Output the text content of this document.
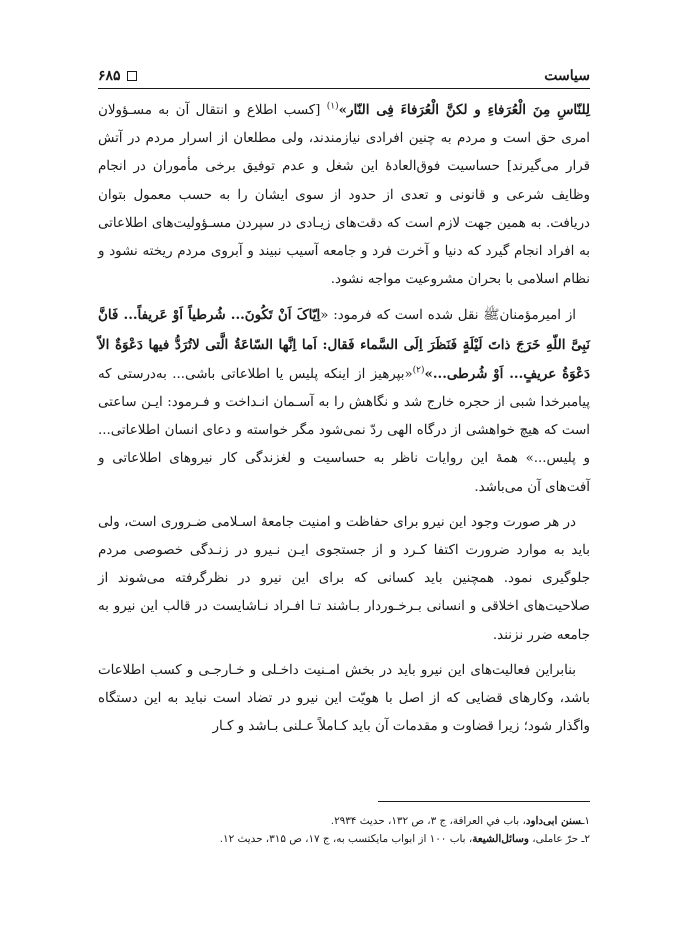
سیاست
۶۸۵

لِلنّاسِ مِنَ الْعُرَفاءِ و لکنَّ الْعُرَفاءَ فِی النّار»$^{(۱)}$ [کسب اطلاع و انتقال آن به مسـؤولان امری حق است و مردم به چنین افرادی نیازمندند، ولی مطلعان از اسرار مردم در آتش قرار می‌گیرند] حساسیت فوق‌العادهٔ این شغل و عدم توفیق برخی مأموران در انجام وظایف شرعی و قانونی و تعدی از حدود از سوی ایشان را به حسب معمول بتوان دریافت. به همین جهت لازم است که دقت‌های زیـادی در سپردن مسـؤولیت‌های اطلاعاتی به افراد انجام گیرد که دنیا و آخرت فرد و جامعه آسیب نبیند و آبروی مردم ریخته نشود و نظام اسلامی با بحران مشروعیت مواجه نشود.

از امیرمؤمنانﷺ نقل شده است که فرمود: «اِیّاکَ اَنْ تَکُونَ... شُرطیاً اَوْ عَریفاً... فَانَّ نَبِیَّ اللّهِ خَرَجَ ذاتَ لَیْلَةٍ فَنَظَرَ اِلَی السَّماء فَقال: اَما اِنَّها السّاعَةُ الَّتی لاتُرَدُّ فیها دَعْوَةٌ الاّ دَعْوَةُ عریفٍ... اَوْ شُرطی...»$^{(۲)}$«بپرهیز از اینکه پلیس یا اطلاعاتی باشی... به‌درستی که پیامبرخدا شبی از حجره خارج شد و نگاهش را به آسـمان انـداخت و فـرمود: ایـن ساعتی است که هیچ خواهشی از درگاه الهی ردّ نمی‌شود مگر خواسته و دعای انسان اطلاعاتی... و پلیس...» همهٔ این روایات ناظر به حساسیت و لغزندگی کار نیروهای اطلاعاتی و آفت‌های آن می‌باشد.

در هر صورت وجود این نیرو برای حفاظت و امنیت جامعهٔ اسـلامی ضـروری است، ولی باید به موارد ضرورت اکتفا کـرد و از جستجوی ایـن نـیرو در زنـدگی خصوصی مردم جلوگیری نمود. همچنین باید کسانی که برای این نیرو در نظرگرفته می‌شوند از صلاحیت‌های اخلاقی و انسانی بـرخـوردار بـاشند تـا افـراد نـاشایست در قالب این نیرو به جامعه ضرر نزنند.

بنابراین فعالیت‌های این نیرو باید در بخش امـنیت داخـلی و خـارجـی و کسب اطلاعات باشد، وکارهای قضایی که از اصل با هویّت این نیرو در تضاد است نباید به این دستگاه واگذار شود؛ زیرا قضاوت و مقدمات آن باید کـاملاً عـلنی بـاشد و کـار

۱ـسنن ابی‌داود، باب في العرافة، ج ۳، ص ۱۳۲، حدیث ۲۹۳۴.
۲ـ حرّ عاملی، وسائل‌الشیعة، باب ۱۰۰ از ابواب مایکتسب به، ج ۱۷، ص ۳۱۵، حدیث ۱۲.
